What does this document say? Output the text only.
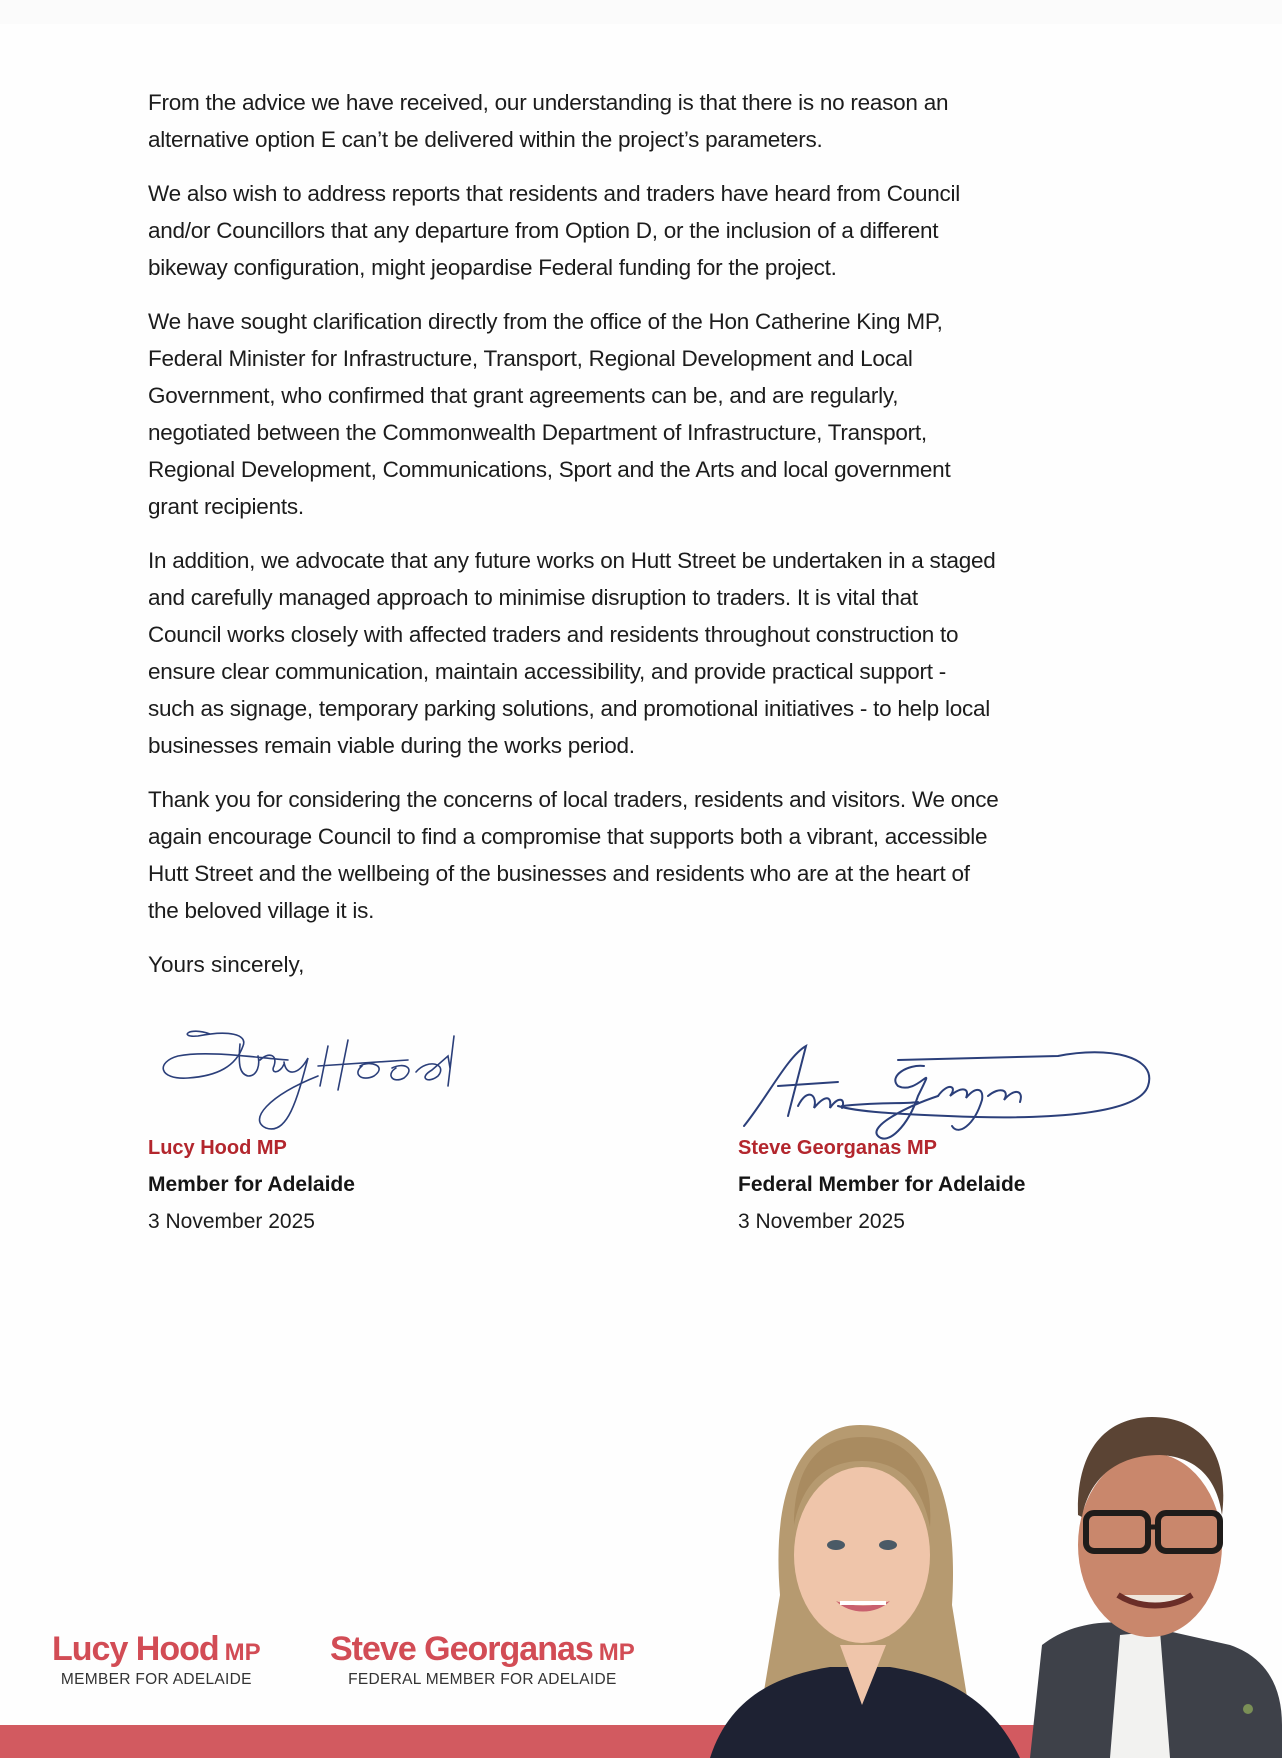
From the advice we have received, our understanding is that there is no reason an
alternative option E can’t be delivered within the project’s parameters.

We also wish to address reports that residents and traders have heard from Council
and/or Councillors that any departure from Option D, or the inclusion of a different
bikeway configuration, might jeopardise Federal funding for the project.

We have sought clarification directly from the office of the Hon Catherine King MP,
Federal Minister for Infrastructure, Transport, Regional Development and Local
Government, who confirmed that grant agreements can be, and are regularly,
negotiated between the Commonwealth Department of Infrastructure, Transport,
Regional Development, Communications, Sport and the Arts and local government
grant recipients.

In addition, we advocate that any future works on Hutt Street be undertaken in a staged
and carefully managed approach to minimise disruption to traders. It is vital that
Council works closely with affected traders and residents throughout construction to
ensure clear communication, maintain accessibility, and provide practical support -
such as signage, temporary parking solutions, and promotional initiatives - to help local
businesses remain viable during the works period.

Thank you for considering the concerns of local traders, residents and visitors. We once
again encourage Council to find a compromise that supports both a vibrant, accessible
Hutt Street and the wellbeing of the businesses and residents who are at the heart of
the beloved village it is.

Yours sincerely,
Lucy Hood MP
Member for Adelaide
3 November 2025
Steve Georganas MP
Federal Member for Adelaide
3 November 2025
Lucy Hood MP
MEMBER FOR ADELAIDE
Steve Georganas MP
FEDERAL MEMBER FOR ADELAIDE
